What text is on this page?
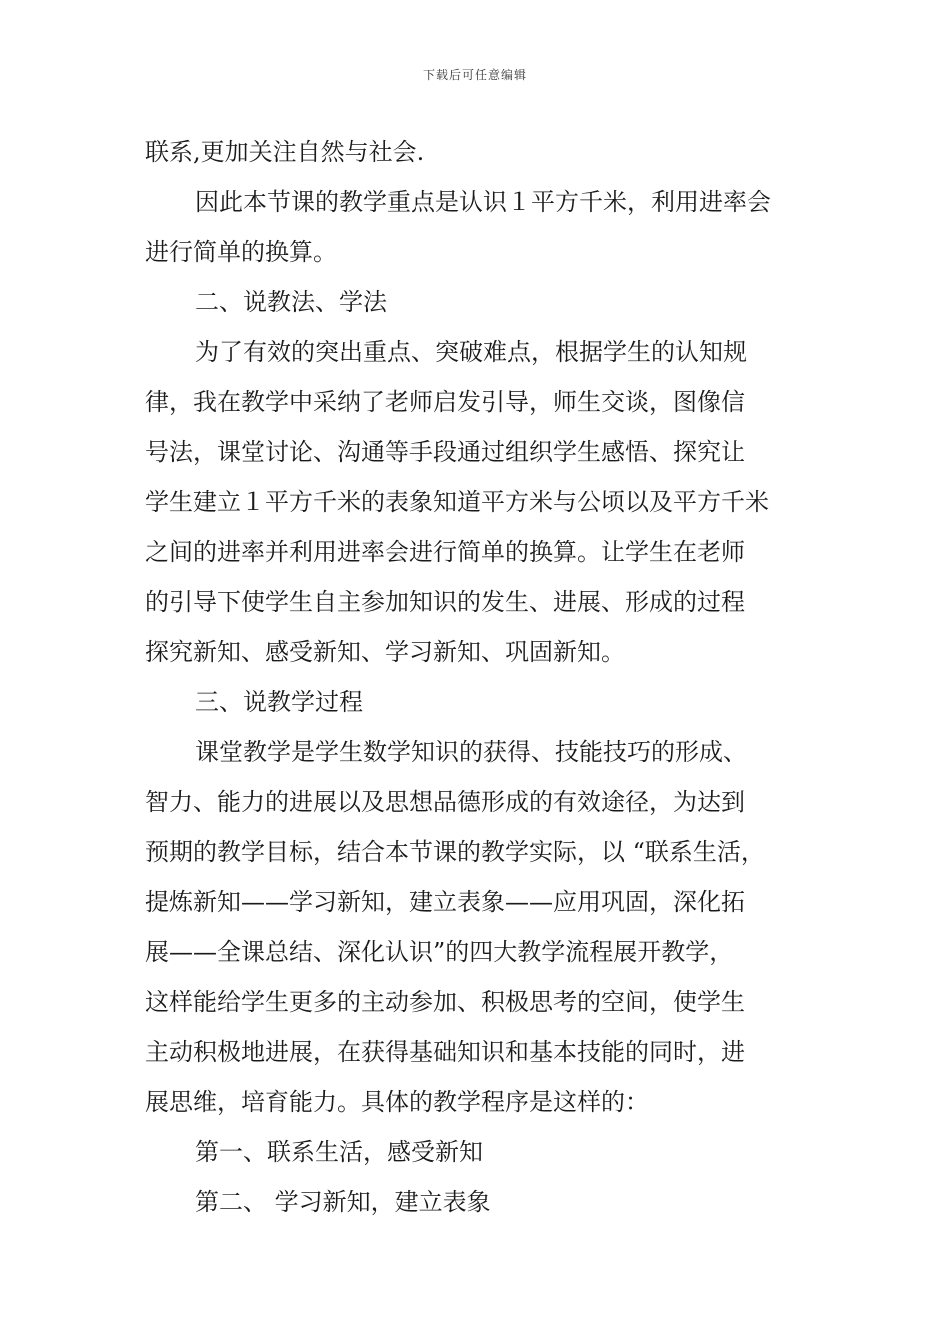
下载后可任意编辑

联系,更加关注自然与社会.

因此本节课的教学重点是认识１平方千米，利用进率会

进行简单的换算。

二、说教法、学法

为了有效的突出重点、突破难点，根据学生的认知规

律，我在教学中采纳了老师启发引导，师生交谈，图像信

号法，课堂讨论、沟通等手段通过组织学生感悟、探究让

学生建立１平方千米的表象知道平方米与公顷以及平方千米

之间的进率并利用进率会进行简单的换算。让学生在老师

的引导下使学生自主参加知识的发生、进展、形成的过程

探究新知、感受新知、学习新知、巩固新知。

三、说教学过程

课堂教学是学生数学知识的获得、技能技巧的形成、

智力、能力的进展以及思想品德形成的有效途径，为达到

预期的教学目标，结合本节课的教学实际，以 “联系生活，

提炼新知——学习新知，建立表象——应用巩固，深化拓

展——全课总结、深化认识”的四大教学流程展开教学，

这样能给学生更多的主动参加、积极思考的空间，使学生

主动积极地进展，在获得基础知识和基本技能的同时，进

展思维，培育能力。具体的教学程序是这样的：

第一、联系生活，感受新知

第二、 学习新知，建立表象
